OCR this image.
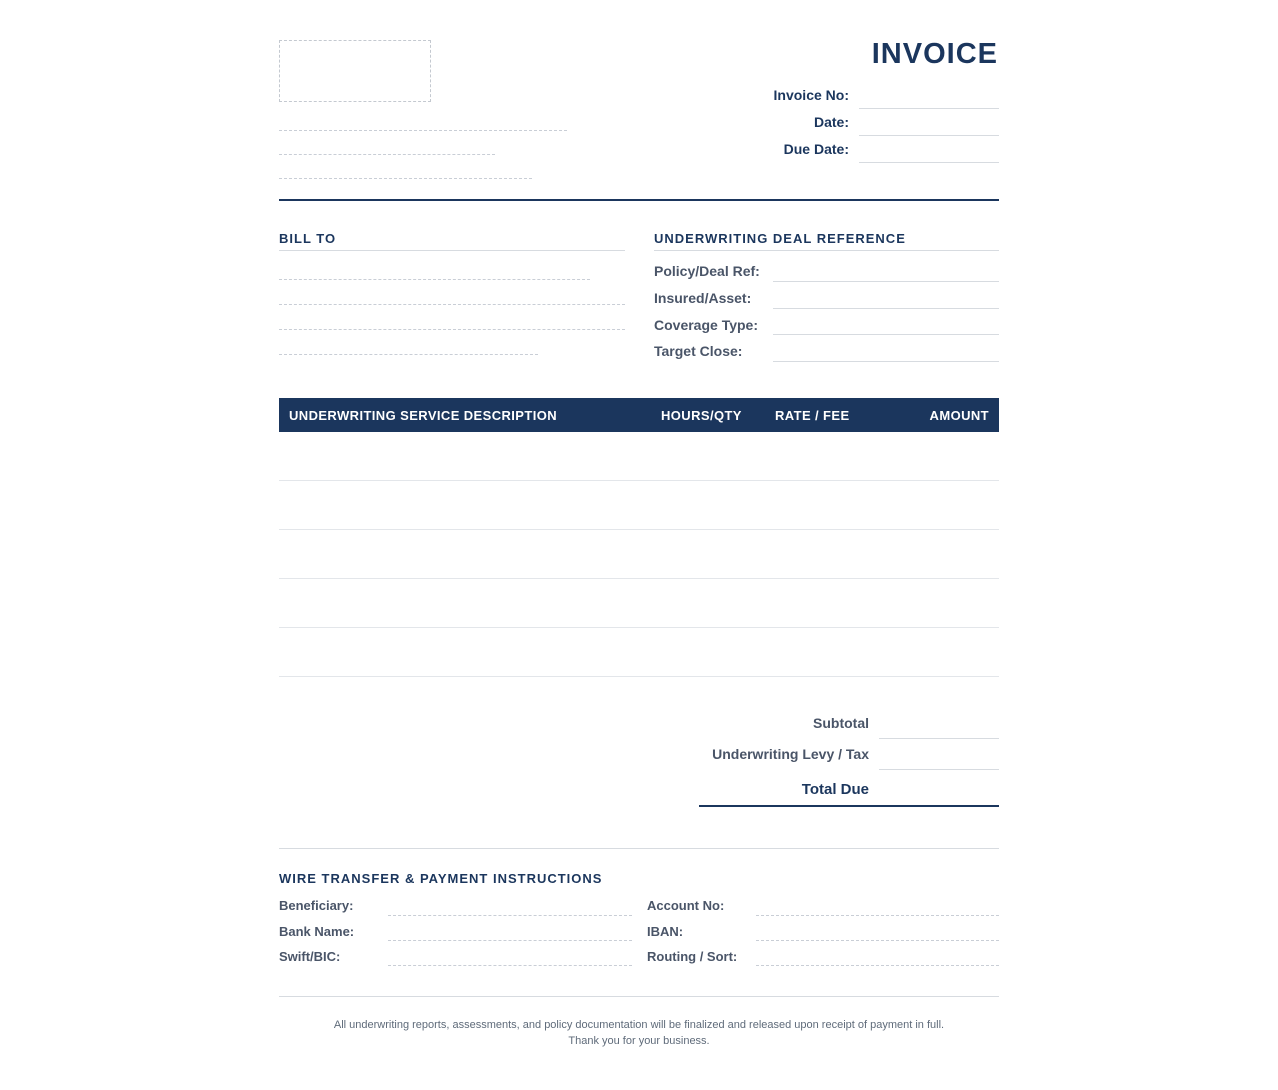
INVOICE
Invoice No:
Date:
Due Date:
BILL TO	UNDERWRITING DEAL REFERENCE
Policy/Deal Ref:
Insured/Asset:
Coverage Type:
Target Close:
UNDERWRITING SERVICE DESCRIPTION	HOURS/QTY	RATE / FEE	AMOUNT
Subtotal
Underwriting Levy / Tax
Total Due
WIRE TRANSFER & PAYMENT INSTRUCTIONS
Beneficiary:
Bank Name:
Swift/BIC:
Account No:
IBAN:
Routing / Sort:
All underwriting reports, assessments, and policy documentation will be finalized and released upon receipt of payment in full.
Thank you for your business.
